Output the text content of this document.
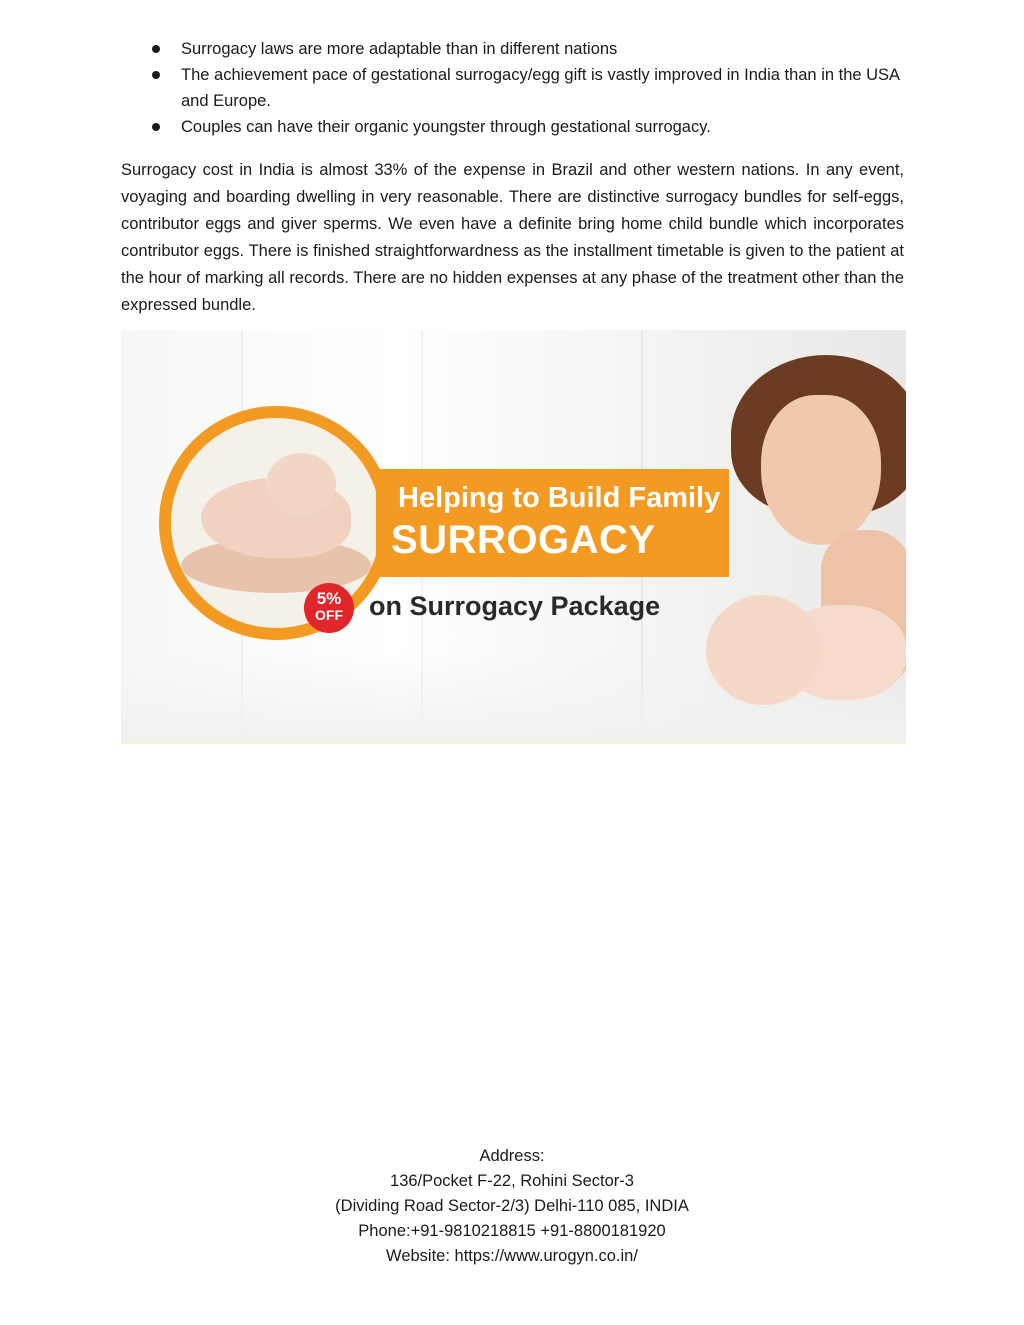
Surrogacy laws are more adaptable than in different nations
The achievement pace of gestational surrogacy/egg gift is vastly improved in India than in the USA and Europe.
Couples can have their organic youngster through gestational surrogacy.

Surrogacy cost in India is almost 33% of the expense in Brazil and other western nations. In any event, voyaging and boarding dwelling in very reasonable. There are distinctive surrogacy bundles for self-eggs, contributor eggs and giver sperms. We even have a definite bring home child bundle which incorporates contributor eggs. There is finished straightforwardness as the installment timetable is given to the patient at the hour of marking all records. There are no hidden expenses at any phase of the treatment other than the expressed bundle.

Helping to Build Family
SURROGACY
5%
OFF on Surrogacy Package
Address:
136/Pocket F-22, Rohini Sector-3
(Dividing Road Sector-2/3) Delhi-110 085, INDIA
Phone:+91-9810218815 +91-8800181920
Website: https://www.urogyn.co.in/
